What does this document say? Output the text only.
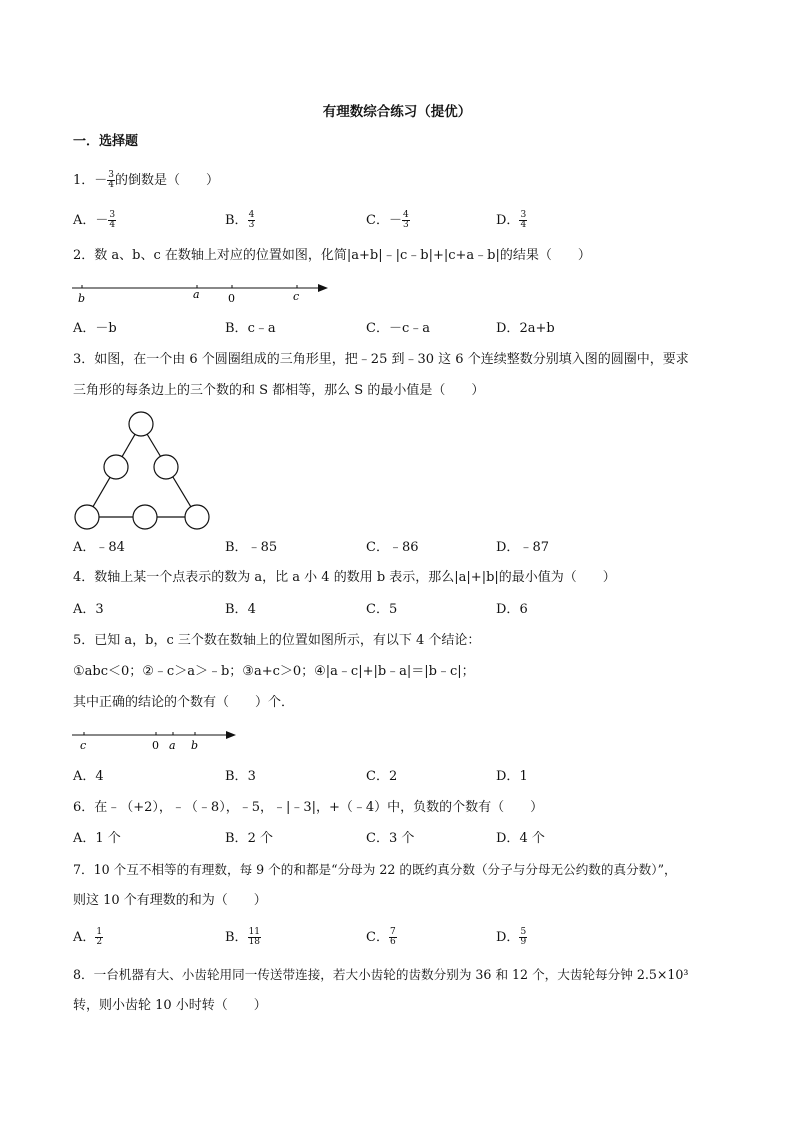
有理数综合练习（提优）
一．选择题
1．－ $\frac{3}{4}$ 的倒数是（　　）
A．－ $\frac{3}{4}$	B． $\frac{4}{3}$	C．－ $\frac{4}{3}$	D． $\frac{3}{4}$
2．数 a、b、c 在数轴上对应的位置如图，化简|a+b|﹣|c﹣b|+|c+a﹣b|的结果（　　）
b	a	0	c
A．－b	B．c﹣a	C．－c﹣a	D．2a+b
3．如图，在一个由 6 个圆圈组成的三角形里，把﹣25 到﹣30 这 6 个连续整数分别填入图的圆圈中，要求
三角形的每条边上的三个数的和 S 都相等，那么 S 的最小值是（　　）
A．﹣84	B．﹣85	C．﹣86	D．﹣87
4．数轴上某一个点表示的数为 a，比 a 小 4 的数用 b 表示，那么|a|+|b|的最小值为（　　）
A．3	B．4	C．5	D．6
5．已知 a，b，c 三个数在数轴上的位置如图所示，有以下 4 个结论：
①abc＜0；②﹣c＞a＞﹣b；③a+c＞0；④|a﹣c|+|b﹣a|＝|b﹣c|；
其中正确的结论的个数有（　　）个．
c	0 a b
A．4	B．3	C．2	D．1
6．在﹣（+2），﹣（﹣8），﹣5，﹣|﹣3|，+（﹣4）中，负数的个数有（　　）
A．1 个	B．2 个	C．3 个	D．4 个
7．10 个互不相等的有理数，每 9 个的和都是“分母为 22 的既约真分数（分子与分母无公约数的真分数）”，
则这 10 个有理数的和为（　　）
A． $\frac{1}{2}$	B． $\frac{11}{18}$	C． $\frac{7}{6}$	D． $\frac{5}{9}$
8．一台机器有大、小齿轮用同一传送带连接，若大小齿轮的齿数分别为 36 和 12 个，大齿轮每分钟 2.5×10³
转，则小齿轮 10 小时转（　　）
